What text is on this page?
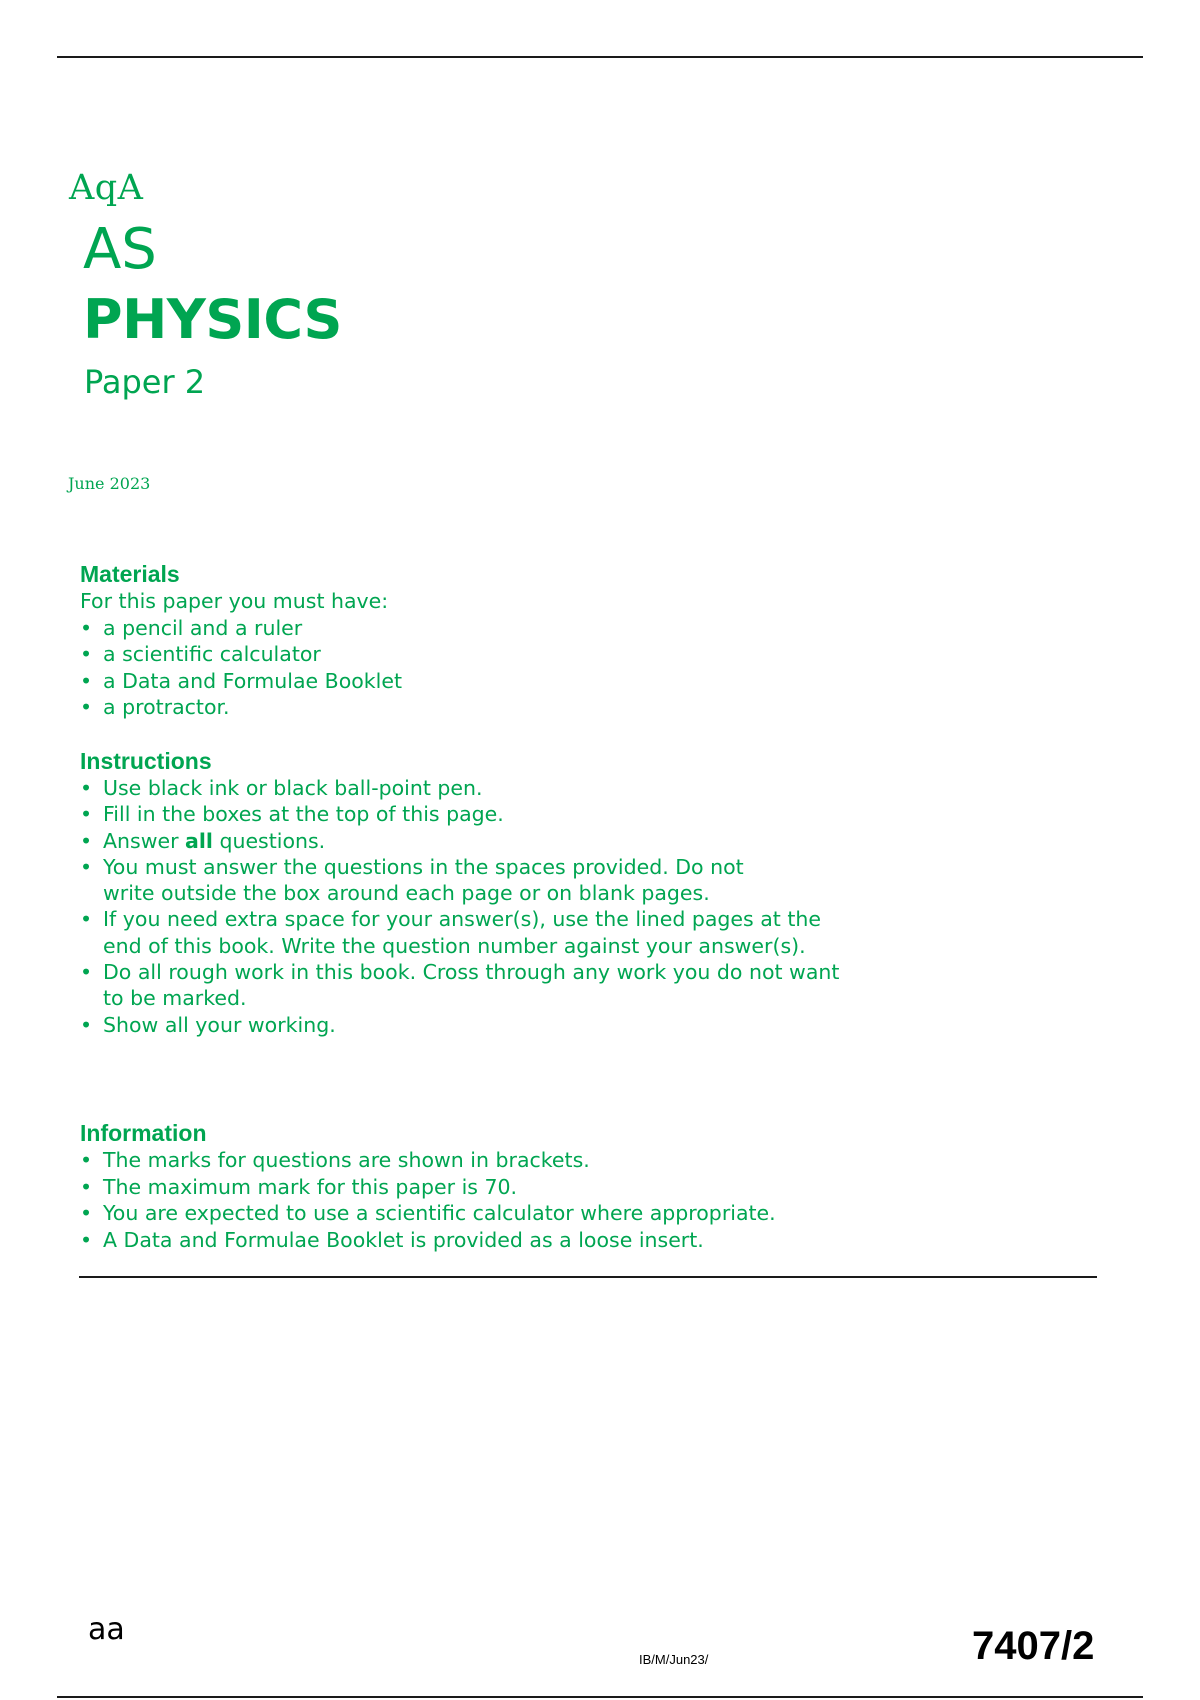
AqA
AS
PHYSICS
Paper 2
June 2023
Materials

For this paper you must have:

• a pencil and a ruler
• a scientific calculator
• a Data and Formulae Booklet
• a protractor.
Instructions
• Use black ink or black ball-point pen.
• Fill in the boxes at the top of this page.
• Answer all questions.
• You must answer the questions in the spaces provided. Do not write outside the box around each page or on blank pages.
• If you need extra space for your answer(s), use the lined pages at the end of this book. Write the question number against your answer(s).
• Do all rough work in this book. Cross through any work you do not want to be marked.
• Show all your working.
Information
• The marks for questions are shown in brackets.
• The maximum mark for this paper is 70.
• You are expected to use a scientific calculator where appropriate.
• A Data and Formulae Booklet is provided as a loose insert.
aa
IB/M/Jun23/	7407/2
